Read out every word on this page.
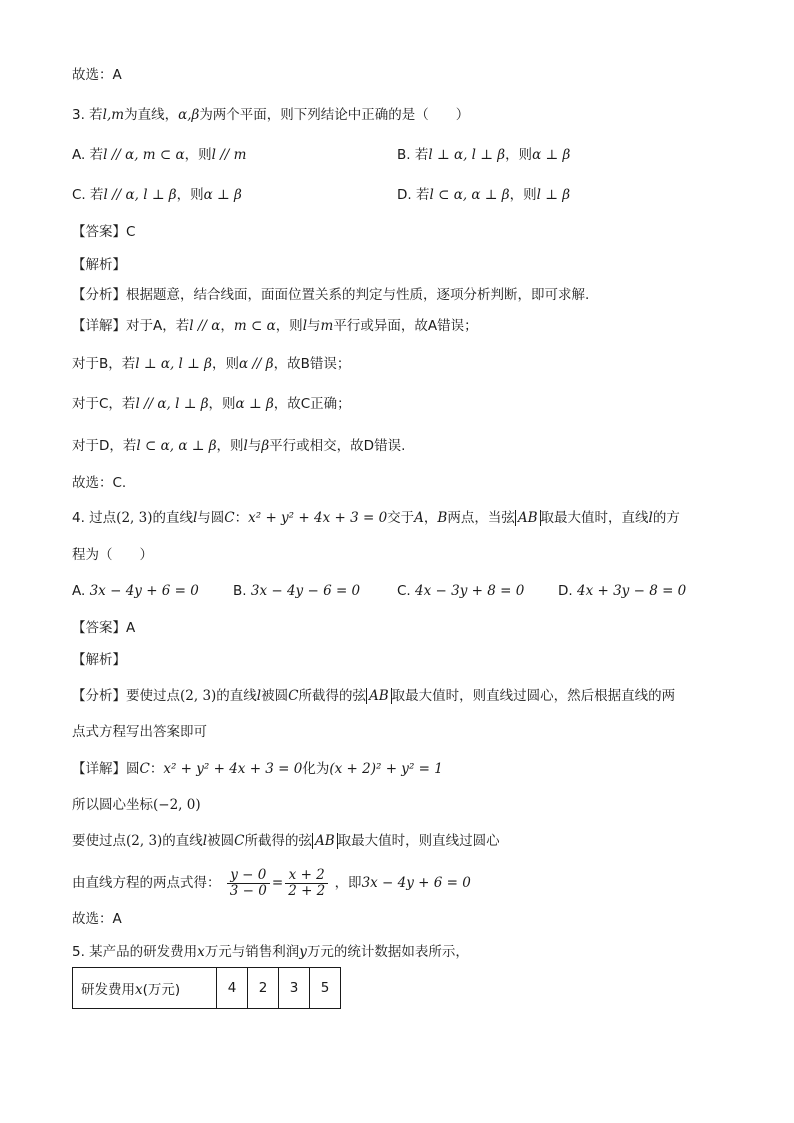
故选：A
3. 若l,m为直线，α,β为两个平面，则下列结论中正确的是（　　）
A. 若l // α, m ⊂ α，则l // m	B. 若l ⊥ α, l ⊥ β，则α ⊥ β
C. 若l // α, l ⊥ β，则α ⊥ β	D. 若l ⊂ α, α ⊥ β，则l ⊥ β
【答案】C
【解析】
【分析】根据题意，结合线面，面面位置关系的判定与性质，逐项分析判断，即可求解.
【详解】对于A，若l // α，m ⊂ α，则l与m平行或异面，故A错误；
对于B，若l ⊥ α, l ⊥ β，则α // β，故B错误；
对于C，若l // α, l ⊥ β，则α ⊥ β，故C正确；
对于D，若l ⊂ α, α ⊥ β，则l与β平行或相交，故D错误.
故选：C.
4. 过点(2, 3)的直线l与圆C：x² + y² + 4x + 3 = 0交于A，B两点，当弦 AB 取最大值时，直线l的方
程为（　　）
A. 3x − 4y + 6 = 0	B. 3x − 4y − 6 = 0	C. 4x − 3y + 8 = 0 D. 4x + 3y − 8 = 0
【答案】A
【解析】
【分析】要使过点(2, 3)的直线l被圆C所截得的弦 AB 取最大值时，则直线过圆心，然后根据直线的两
点式方程写出答案即可
【详解】圆C：x² + y² + 4x + 3 = 0化为(x + 2)² + y² = 1
所以圆心坐标(−2, 0)
要使过点(2, 3)的直线l被圆C所截得的弦 AB 取最大值时，则直线过圆心
由直线方程的两点式得： $\frac{y - 0}{3 - 0} = \frac{x + 2}{2 + 2}$ ，即3x − 4y + 6 = 0
故选：A
5. 某产品的研发费用x万元与销售利润y万元的统计数据如表所示，
研发费用x(万元)	4	2	3	5
